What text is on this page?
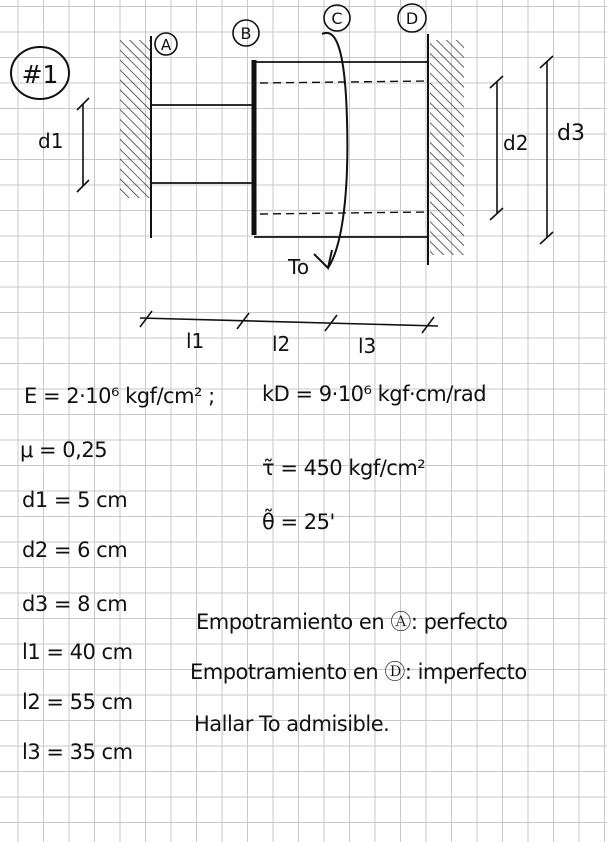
#1
A
B
C	D
d1	d2 d3
To
l1	l2	l3

E = 2·10⁶ kgf/cm² ; kD = 9·10⁶ kgf·cm/rad

μ = 0,25

τ̃ = 450 kgf/cm²

θ̃ = 25'

d1 = 5 cm

d2 = 6 cm

d3 = 8 cm

l1 = 40 cm

l2 = 55 cm

l3 = 35 cm

Empotramiento en Ⓐ: perfecto

Empotramiento en Ⓓ: imperfecto

Hallar To admisible.
